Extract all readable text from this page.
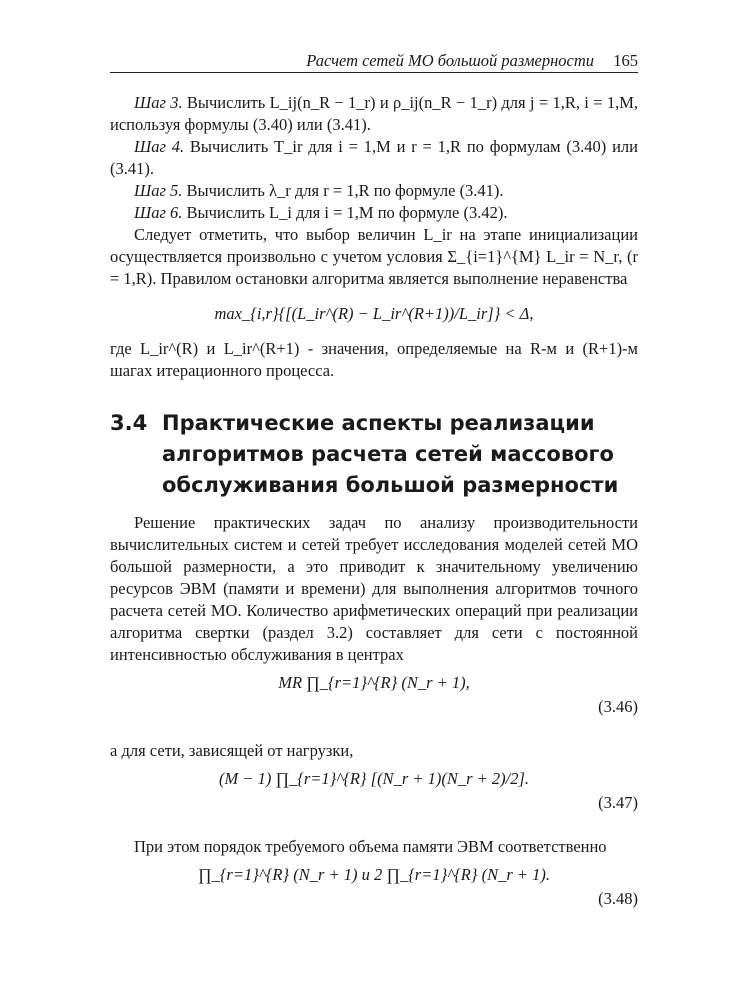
Расчет сетей МО большой размерности 165

Шаг 3. Вычислить L_ij(n_R − 1_r) и ρ_ij(n_R − 1_r) для j = 1,R, i = 1,M, используя формулы (3.40) или (3.41).

Шаг 4. Вычислить T_ir для i = 1,M и r = 1,R по формулам (3.40) или (3.41).

Шаг 5. Вычислить λ_r для r = 1,R по формуле (3.41).

Шаг 6. Вычислить L_i для i = 1,M по формуле (3.42).

Следует отметить, что выбор величин L_ir на этапе инициализации осуществляется произвольно с учетом условия Σ_{i=1}^{M} L_ir = N_r, (r = 1,R). Правилом остановки алгоритма является выполнение неравенства

max_{i,r}{[(L_ir^(R) − L_ir^(R+1))/L_ir]} < Δ,

где L_ir^(R) и L_ir^(R+1) - значения, определяемые на R-м и (R+1)-м шагах итерационного процесса.

3.4 Практические аспекты реализации алгоритмов расчета сетей массового обслуживания большой размерности

Решение практических задач по анализу производительности вычислительных систем и сетей требует исследования моделей сетей МО большой размерности, а это приводит к значительному увеличению ресурсов ЭВМ (памяти и времени) для выполнения алгоритмов точного расчета сетей МО. Количество арифметических операций при реализации алгоритма свертки (раздел 3.2) составляет для сети с постоянной интенсивностью обслуживания в центрах

MR ∏_{r=1}^{R} (N_r + 1),
(3.46)

а для сети, зависящей от нагрузки,

(M − 1) ∏_{r=1}^{R} [(N_r + 1)(N_r + 2)/2].
(3.47)

При этом порядок требуемого объема памяти ЭВМ соответственно

∏_{r=1}^{R} (N_r + 1) и 2 ∏_{r=1}^{R} (N_r + 1).
(3.48)
